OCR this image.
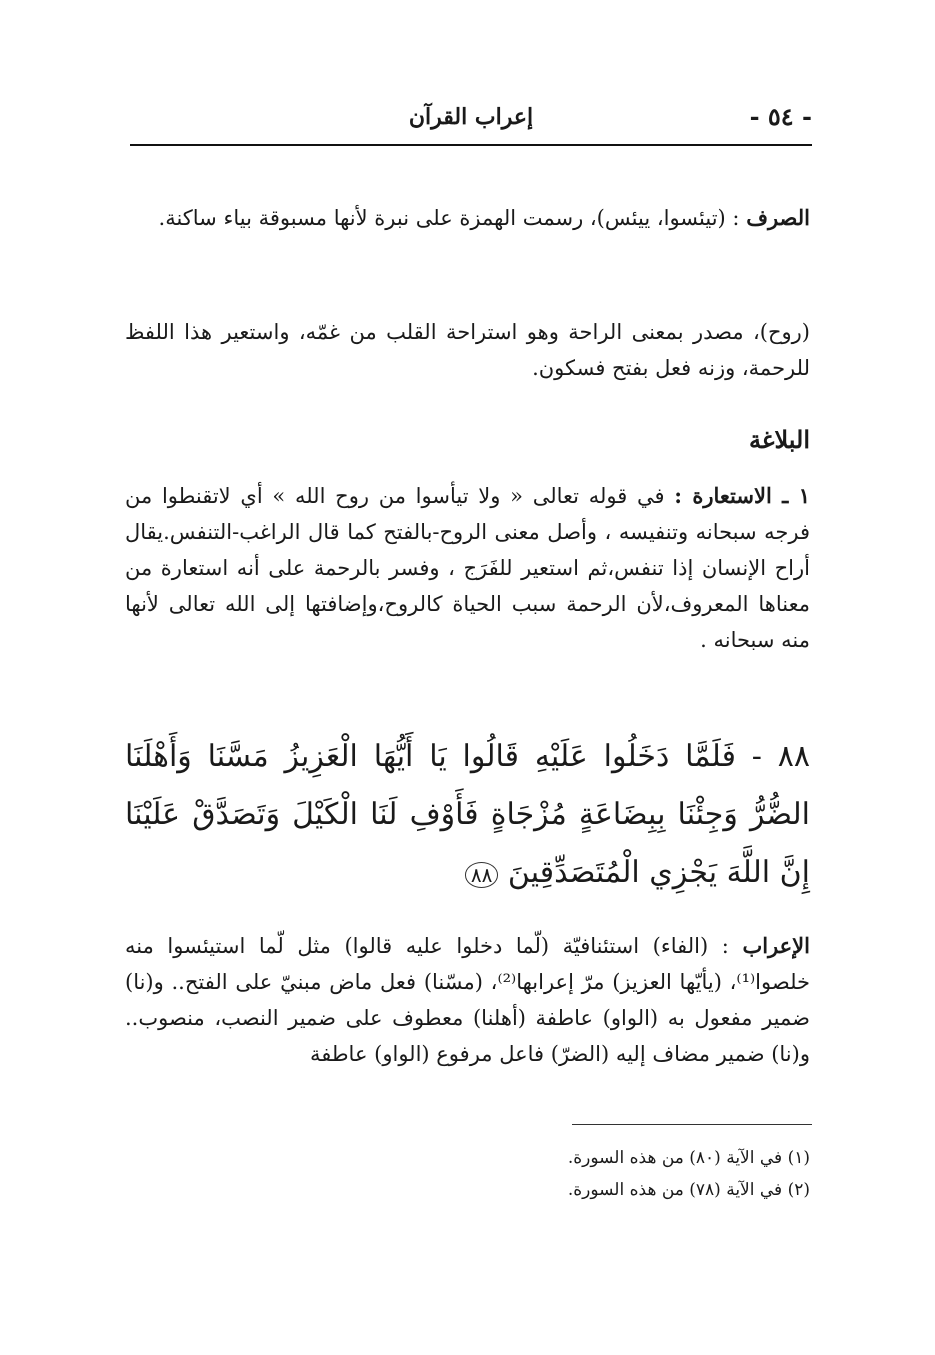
- ٥٤ -
إعراب القرآن
الصرف : (تيئسوا، ييئس)، رسمت الهمزة على نبرة لأنها مسبوقة بياء ساكنة.
(روح)، مصدر بمعنى الراحة وهو استراحة القلب من غمّه، واستعير هذا اللفظ للرحمة، وزنه فعل بفتح فسكون.
البلاغة
١ ـ الاستعارة : في قوله تعالى « ولا تيأسوا من روح الله » أي لاتقنطوا من فرجه سبحانه وتنفيسه ، وأصل معنى الروح-بالفتح كما قال الراغب-التنفس.يقال أراح الإنسان إذا تنفس،ثم استعير للفَرَج ، وفسر بالرحمة على أنه استعارة من معناها المعروف،لأن الرحمة سبب الحياة كالروح،وإضافتها إلى الله تعالى لأنها منه سبحانه .
٨٨ - فَلَمَّا دَخَلُوا عَلَيْهِ قَالُوا يَا أَيُّهَا الْعَزِيزُ مَسَّنَا وَأَهْلَنَا الضُّرُّ وَجِئْنَا بِبِضَاعَةٍ مُزْجَاةٍ فَأَوْفِ لَنَا الْكَيْلَ وَتَصَدَّقْ عَلَيْنَا إِنَّ اللَّهَ يَجْزِي الْمُتَصَدِّقِينَ ٨٨
الإعراب : (الفاء) استئنافيّة (لّما دخلوا عليه قالوا) مثل لّما استيئسوا منه خلصوا⁽¹⁾، (يأيّها العزيز) مرّ إعرابها⁽²⁾، (مسّنا) فعل ماض مبنيّ على الفتح.. و(نا) ضمير مفعول به (الواو) عاطفة (أهلنا) معطوف على ضمير النصب، منصوب.. و(نا) ضمير مضاف إليه (الضرّ) فاعل مرفوع (الواو) عاطفة
(١) في الآية (٨٠) من هذه السورة.
(٢) في الآية (٧٨) من هذه السورة.
